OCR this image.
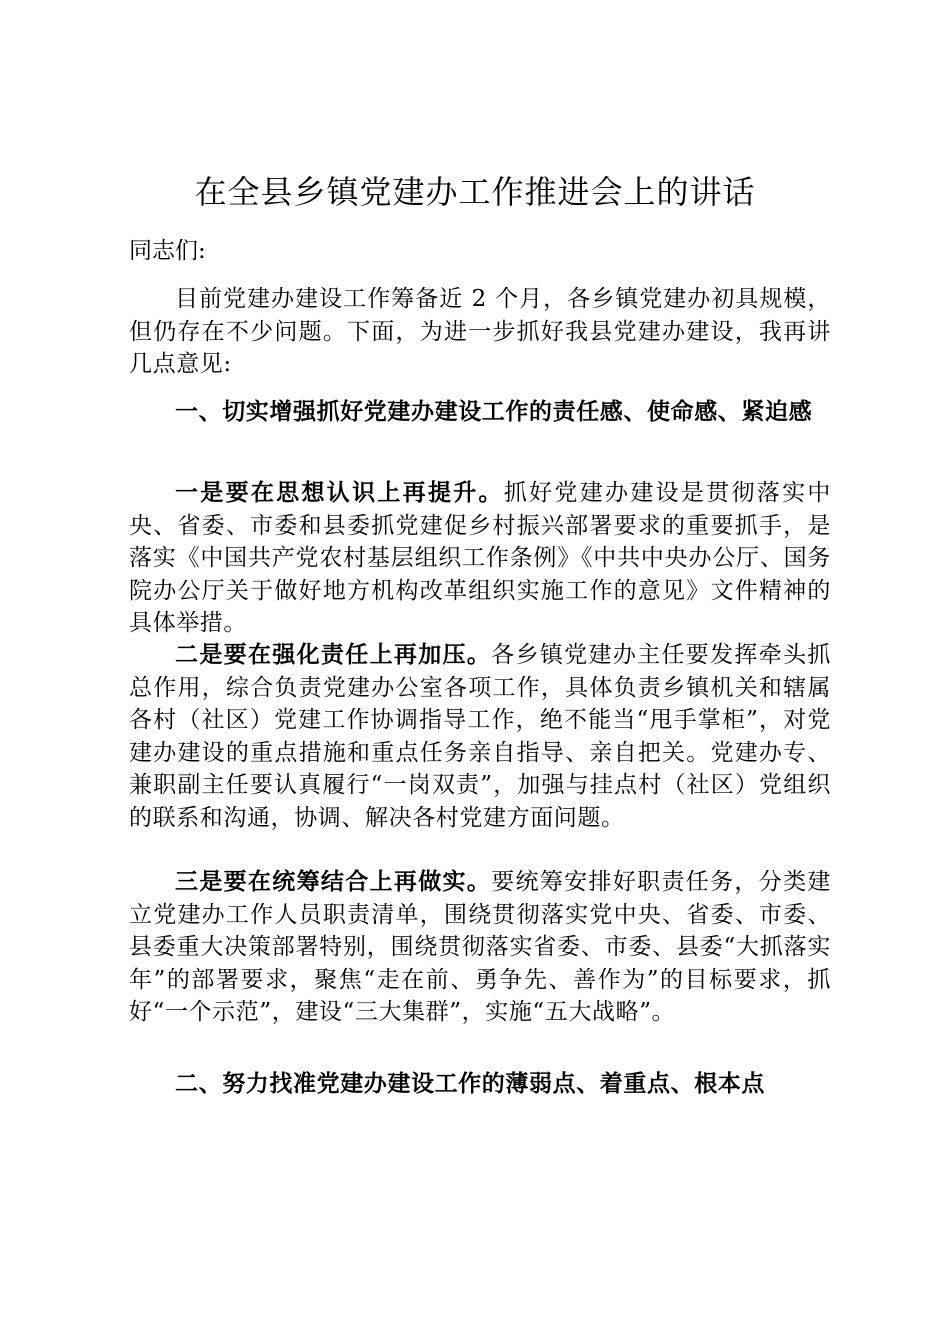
在全县乡镇党建办工作推进会上的讲话
同志们:

目前党建办建设工作筹备近 2 个月，各乡镇党建办初具规模，但仍存在不少问题。下面，为进一步抓好我县党建办建设，我再讲几点意见:

一、切实增强抓好党建办建设工作的责任感、使命感、紧迫感

一是要在思想认识上再提升。抓好党建办建设是贯彻落实中央、省委、市委和县委抓党建促乡村振兴部署要求的重要抓手，是落实《中国共产党农村基层组织工作条例》《中共中央办公厅、国务院办公厅关于做好地方机构改革组织实施工作的意见》文件精神的具体举措。

二是要在强化责任上再加压。各乡镇党建办主任要发挥牵头抓总作用，综合负责党建办公室各项工作，具体负责乡镇机关和辖属各村（社区）党建工作协调指导工作，绝不能当“甩手掌柜”，对党建办建设的重点措施和重点任务亲自指导、亲自把关。党建办专、兼职副主任要认真履行“一岗双责”，加强与挂点村（社区）党组织的联系和沟通，协调、解决各村党建方面问题。

三是要在统筹结合上再做实。要统筹安排好职责任务，分类建立党建办工作人员职责清单，围绕贯彻落实党中央、省委、市委、县委重大决策部署特别，围绕贯彻落实省委、市委、县委“大抓落实年”的部署要求，聚焦“走在前、勇争先、善作为”的目标要求，抓好“一个示范”，建设“三大集群”，实施“五大战略”。

二、努力找准党建办建设工作的薄弱点、着重点、根本点
